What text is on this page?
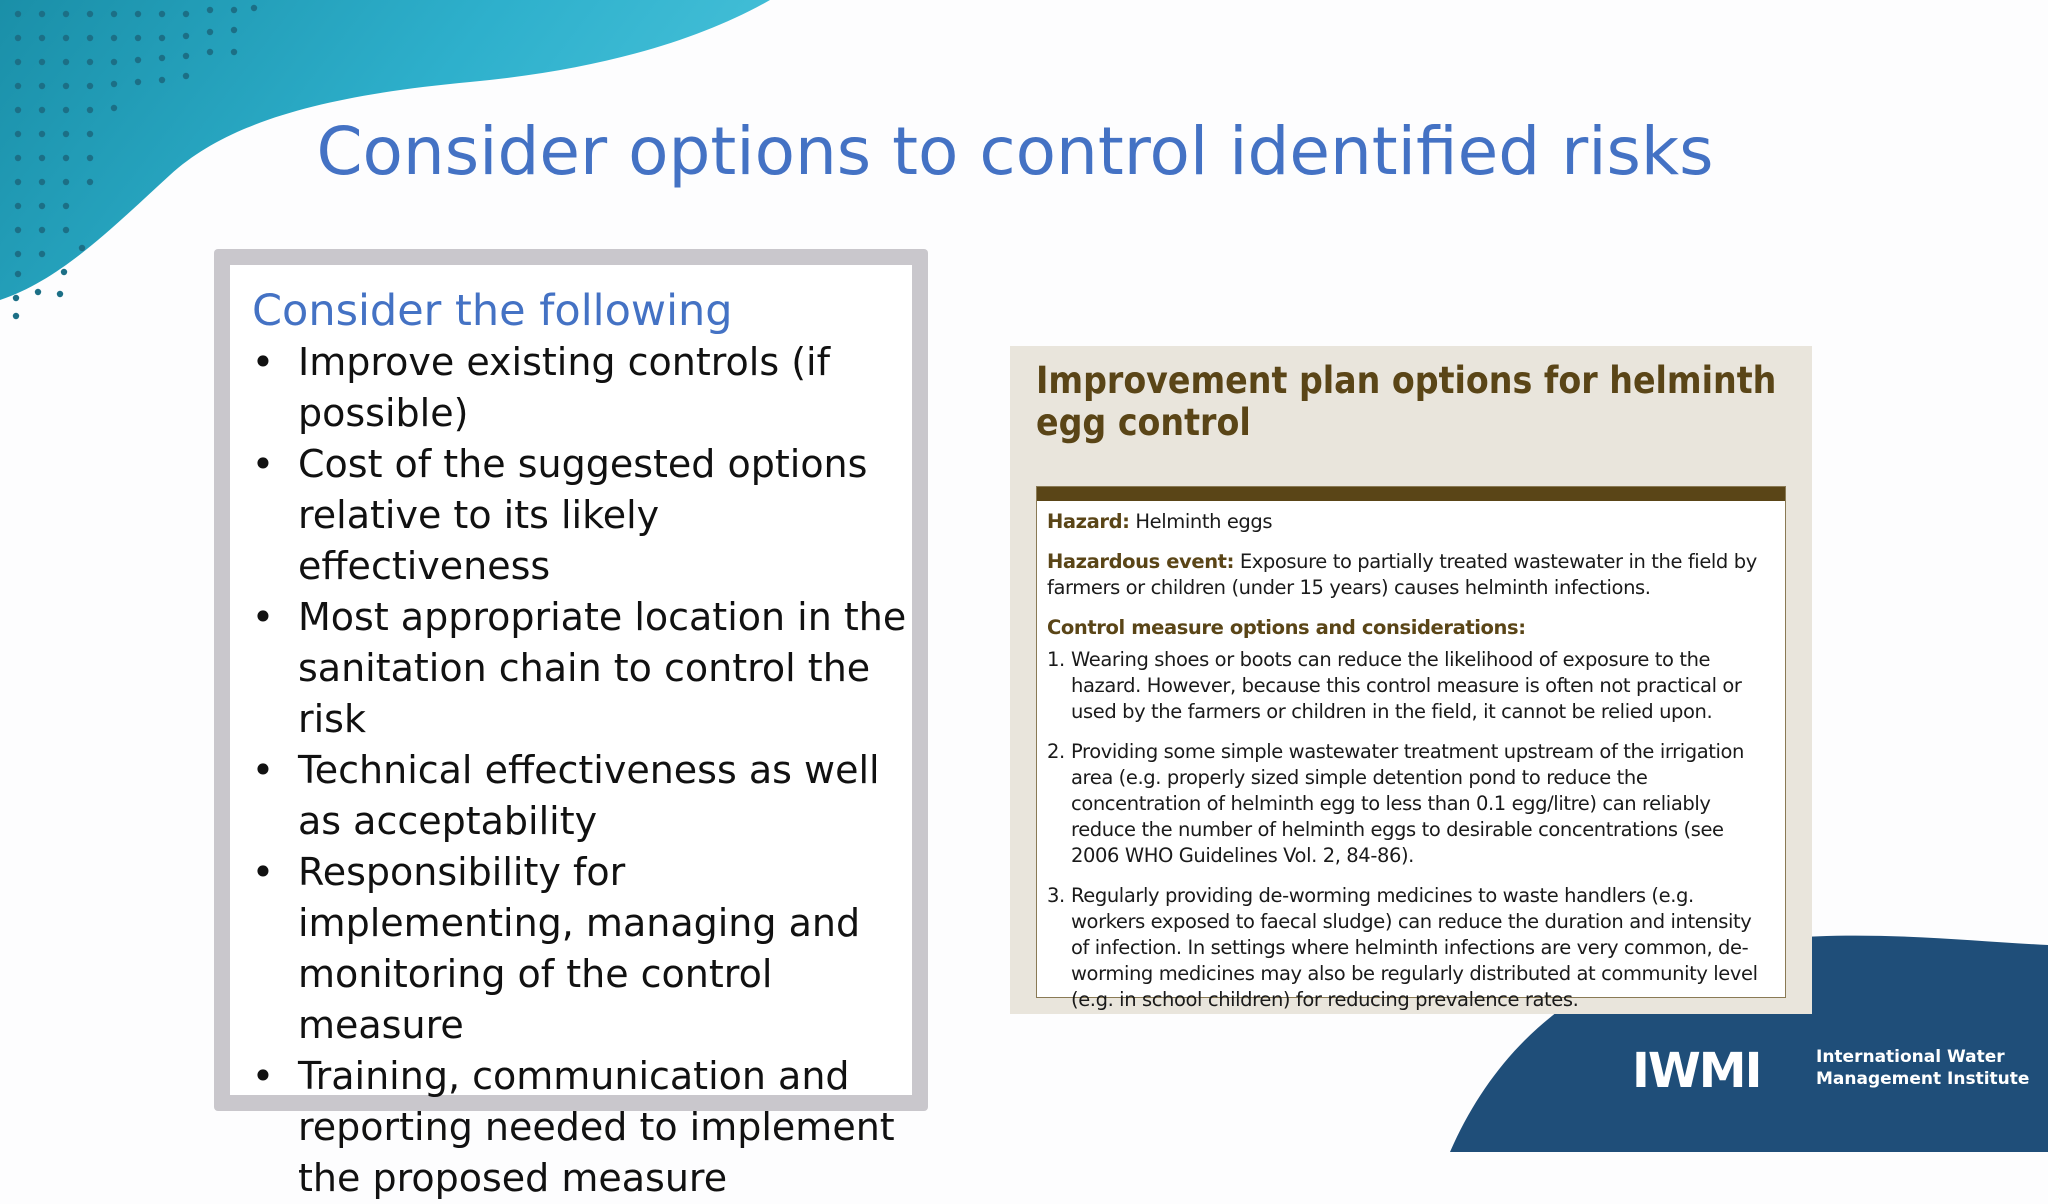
Consider options to control identified risks
Consider the following
• Improve existing controls (if possible)
• Cost of the suggested options relative to its likely effectiveness
• Most appropriate location in the sanitation chain to control the risk
• Technical effectiveness as well as acceptability
• Responsibility for implementing, managing and monitoring of the control measure
• Training, communication and reporting needed to implement the proposed measure
Improvement plan options for helminth egg control

Hazard: Helminth eggs

Hazardous event: Exposure to partially treated wastewater in the field by farmers or children (under 15 years) causes helminth infections.

Control measure options and considerations:

1. Wearing shoes or boots can reduce the likelihood of exposure to the hazard. However, because this control measure is often not practical or used by the farmers or children in the field, it cannot be relied upon.
2. Providing some simple wastewater treatment upstream of the irrigation area (e.g. properly sized simple detention pond to reduce the concentration of helminth egg to less than 0.1 egg/litre) can reliably reduce the number of helminth eggs to desirable concentrations (see 2006 WHO Guidelines Vol. 2, 84-86).
3. Regularly providing de-worming medicines to waste handlers (e.g. workers exposed to faecal sludge) can reduce the duration and intensity of infection. In settings where helminth infections are very common, de-worming medicines may also be regularly distributed at community level (e.g. in school children) for reducing prevalence rates.
IWMI	International Water
Management Institute
